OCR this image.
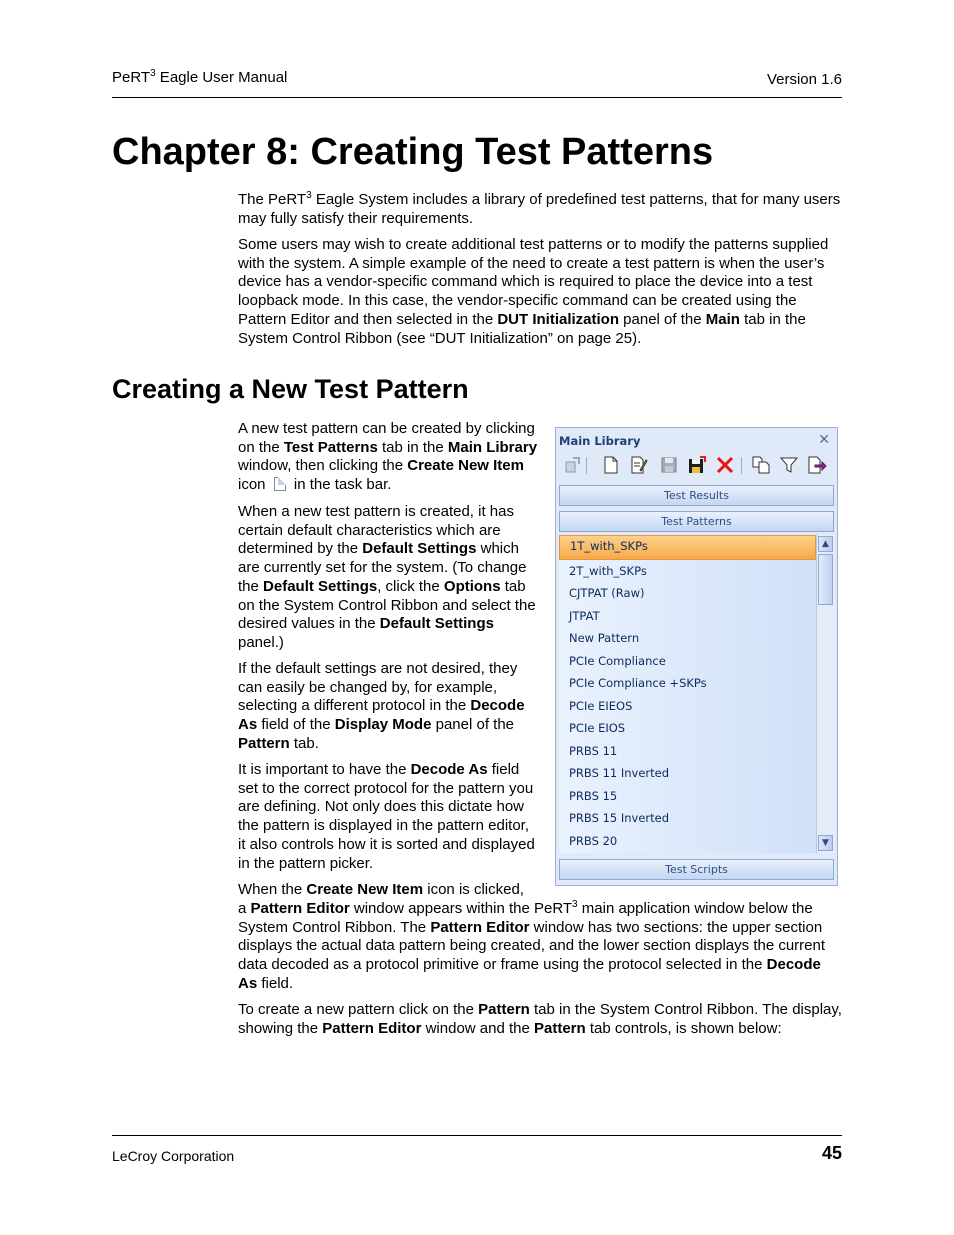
PeRT$^3$ Eagle User Manual	Version 1.6
Chapter 8: Creating Test Patterns

The PeRT$^3$ Eagle System includes a library of predefined test patterns, that for many users may fully satisfy their requirements.

Some users may wish to create additional test patterns or to modify the patterns supplied with the system. A simple example of the need to create a test pattern is when the user’s device has a vendor-specific command which is required to place the device into a test loopback mode. In this case, the vendor-specific command can be created using the Pattern Editor and then selected in the DUT Initialization panel of the Main tab in the System Control Ribbon (see “DUT Initialization” on page 25).

Creating a New Test Pattern

A new test pattern can be created by clicking on the Test Patterns tab in the Main Library window, then clicking the Create New Item icon  in the task bar.

When a new test pattern is created, it has certain default characteristics which are determined by the Default Settings which are currently set for the system. (To change the Default Settings, click the Options tab on the System Control Ribbon and select the desired values in the Default Settings panel.)

If the default settings are not desired, they can easily be changed by, for example, selecting a different protocol in the Decode As field of the Display Mode panel of the Pattern tab.

It is important to have the Decode As field set to the correct protocol for the pattern you are defining. Not only does this dictate how the pattern is displayed in the pattern editor, it also controls how it is sorted and displayed in the pattern picker.

When the Create New Item icon is clicked,

a Pattern Editor window appears within the PeRT$^3$ main application window below the System Control Ribbon. The Pattern Editor window has two sections: the upper section displays the actual data pattern being created, and the lower section displays the current data decoded as a protocol primitive or frame using the protocol selected in the Decode As field.

To create a new pattern click on the Pattern tab in the System Control Ribbon. The display, showing the Pattern Editor window and the Pattern tab controls, is shown below:

Main Library	✕
Test Results
Test Patterns
1T_with_SKPs
2T_with_SKPs
CJTPAT (Raw)
JTPAT
New Pattern
PCIe Compliance
PCIe Compliance +SKPs
PCIe EIEOS
PCIe EIOS
PRBS 11
PRBS 11 Inverted
PRBS 15
PRBS 15 Inverted
PRBS 20
▲
▼
Test Scripts
LeCroy Corporation	45
